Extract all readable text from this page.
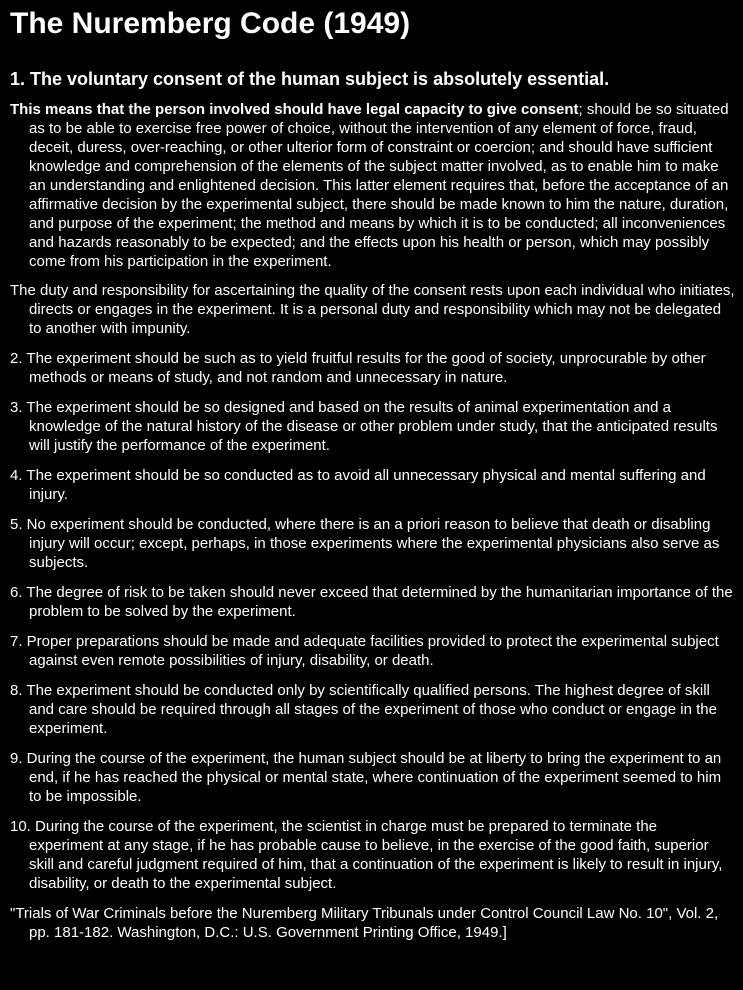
The Nuremberg Code (1949)
1. The voluntary consent of the human subject is absolutely essential.

This means that the person involved should have legal capacity to give consent; should be so situated as to be able to exercise free power of choice, without the intervention of any element of force, fraud, deceit, duress, over-reaching, or other ulterior form of constraint or coercion; and should have sufficient knowledge and comprehension of the elements of the subject matter involved, as to enable him to make an understanding and enlightened decision. This latter element requires that, before the acceptance of an affirmative decision by the experimental subject, there should be made known to him the nature, duration, and purpose of the experiment; the method and means by which it is to be conducted; all inconveniences and hazards reasonably to be expected; and the effects upon his health or person, which may possibly come from his participation in the experiment.

The duty and responsibility for ascertaining the quality of the consent rests upon each individual who initiates, directs or engages in the experiment. It is a personal duty and responsibility which may not be delegated to another with impunity.

2. The experiment should be such as to yield fruitful results for the good of society, unprocurable by other methods or means of study, and not random and unnecessary in nature.

3. The experiment should be so designed and based on the results of animal experimentation and a knowledge of the natural history of the disease or other problem under study, that the anticipated results will justify the performance of the experiment.

4. The experiment should be so conducted as to avoid all unnecessary physical and mental suffering and injury.

5. No experiment should be conducted, where there is an a priori reason to believe that death or disabling injury will occur; except, perhaps, in those experiments where the experimental physicians also serve as subjects.

6. The degree of risk to be taken should never exceed that determined by the humanitarian importance of the problem to be solved by the experiment.

7. Proper preparations should be made and adequate facilities provided to protect the experimental subject against even remote possibilities of injury, disability, or death.

8. The experiment should be conducted only by scientifically qualified persons. The highest degree of skill and care should be required through all stages of the experiment of those who conduct or engage in the experiment.

9. During the course of the experiment, the human subject should be at liberty to bring the experiment to an end, if he has reached the physical or mental state, where continuation of the experiment seemed to him to be impossible.

10. During the course of the experiment, the scientist in charge must be prepared to terminate the experiment at any stage, if he has probable cause to believe, in the exercise of the good faith, superior skill and careful judgment required of him, that a continuation of the experiment is likely to result in injury, disability, or death to the experimental subject.

"Trials of War Criminals before the Nuremberg Military Tribunals under Control Council Law No. 10", Vol. 2, pp. 181-182. Washington, D.C.: U.S. Government Printing Office, 1949.]
